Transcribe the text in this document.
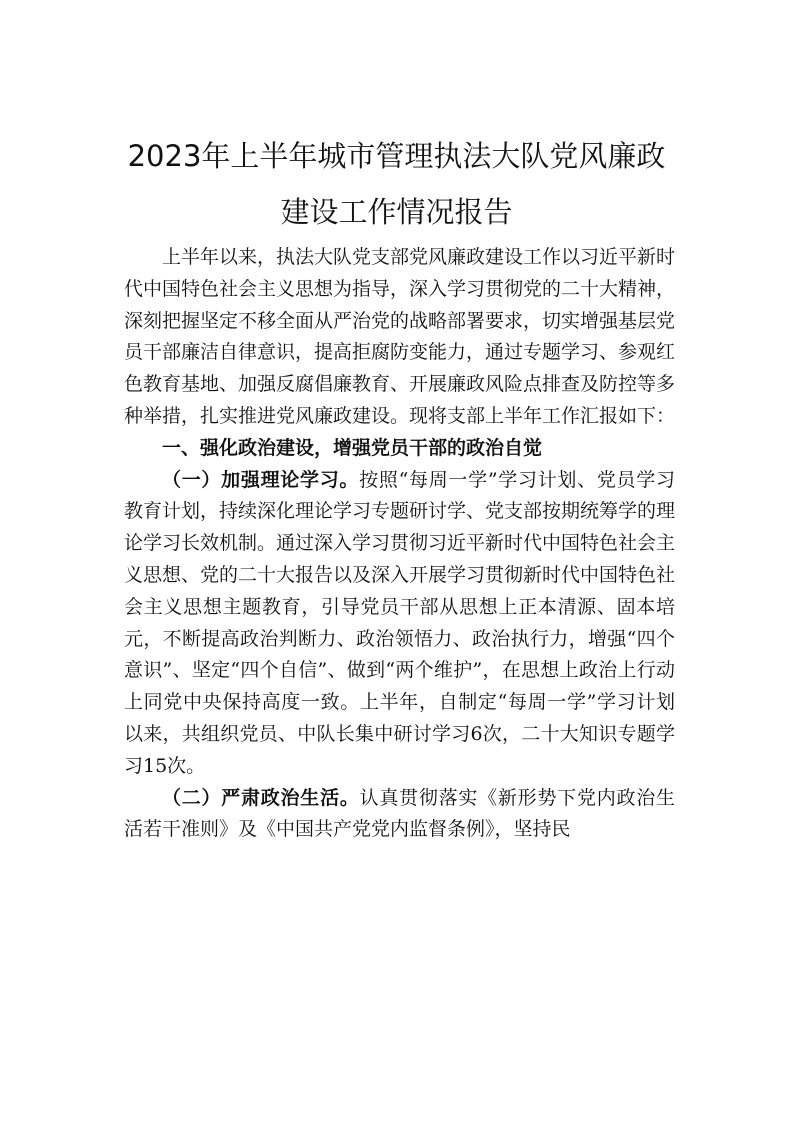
2023年上半年城市管理执法大队党风廉政
建设工作情况报告

上半年以来，执法大队党支部党风廉政建设工作以习近平新时代中国特色社会主义思想为指导，深入学习贯彻党的二十大精神，深刻把握坚定不移全面从严治党的战略部署要求，切实增强基层党员干部廉洁自律意识，提高拒腐防变能力，通过专题学习、参观红色教育基地、加强反腐倡廉教育、开展廉政风险点排查及防控等多种举措，扎实推进党风廉政建设。现将支部上半年工作汇报如下：

一、强化政治建设，增强党员干部的政治自觉

（一）加强理论学习。按照“每周一学”学习计划、党员学习教育计划，持续深化理论学习专题研讨学、党支部按期统筹学的理论学习长效机制。通过深入学习贯彻习近平新时代中国特色社会主义思想、党的二十大报告以及深入开展学习贯彻新时代中国特色社会主义思想主题教育，引导党员干部从思想上正本清源、固本培元，不断提高政治判断力、政治领悟力、政治执行力，增强“四个意识”、坚定“四个自信”、做到“两个维护”，在思想上政治上行动上同党中央保持高度一致。上半年，自制定“每周一学”学习计划以来，共组织党员、中队长集中研讨学习6次，二十大知识专题学习15次。

（二）严肃政治生活。认真贯彻落实《新形势下党内政治生活若干准则》及《中国共产党党内监督条例》，坚持民
